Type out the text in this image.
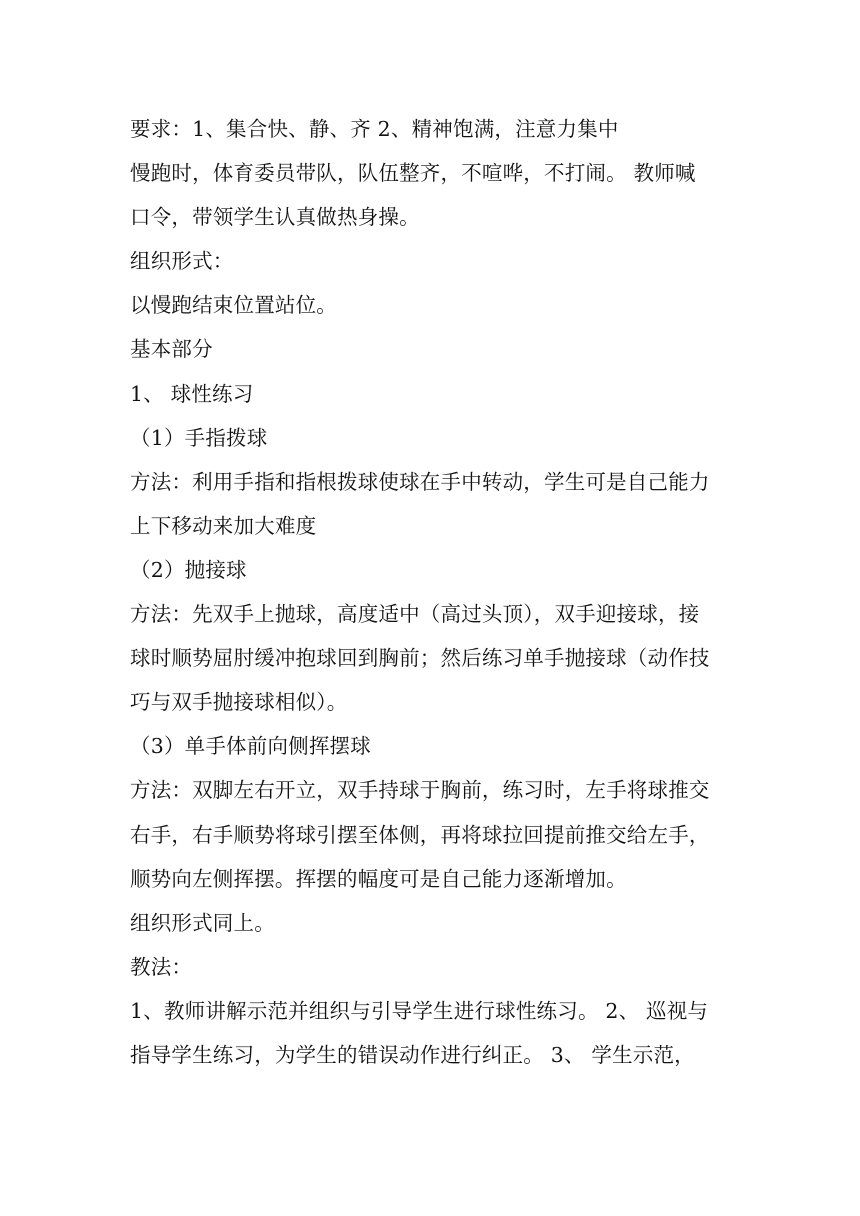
要求：1、集合快、静、齐 2、精神饱满，注意力集中
慢跑时，体育委员带队，队伍整齐，不喧哗，不打闹。 教师喊
口令，带领学生认真做热身操。
组织形式：
以慢跑结束位置站位。
基本部分
1、 球性练习
（1）手指拨球
方法：利用手指和指根拨球使球在手中转动，学生可是自己能力
上下移动来加大难度
（2）抛接球
方法：先双手上抛球，高度适中（高过头顶），双手迎接球，接
球时顺势屈肘缓冲抱球回到胸前；然后练习单手抛接球（动作技
巧与双手抛接球相似）。
（3）单手体前向侧挥摆球
方法：双脚左右开立，双手持球于胸前，练习时，左手将球推交
右手，右手顺势将球引摆至体侧，再将球拉回提前推交给左手，
顺势向左侧挥摆。挥摆的幅度可是自己能力逐渐增加。
组织形式同上。
教法：
1、教师讲解示范并组织与引导学生进行球性练习。 2、 巡视与
指导学生练习，为学生的错误动作进行纠正。 3、 学生示范，
